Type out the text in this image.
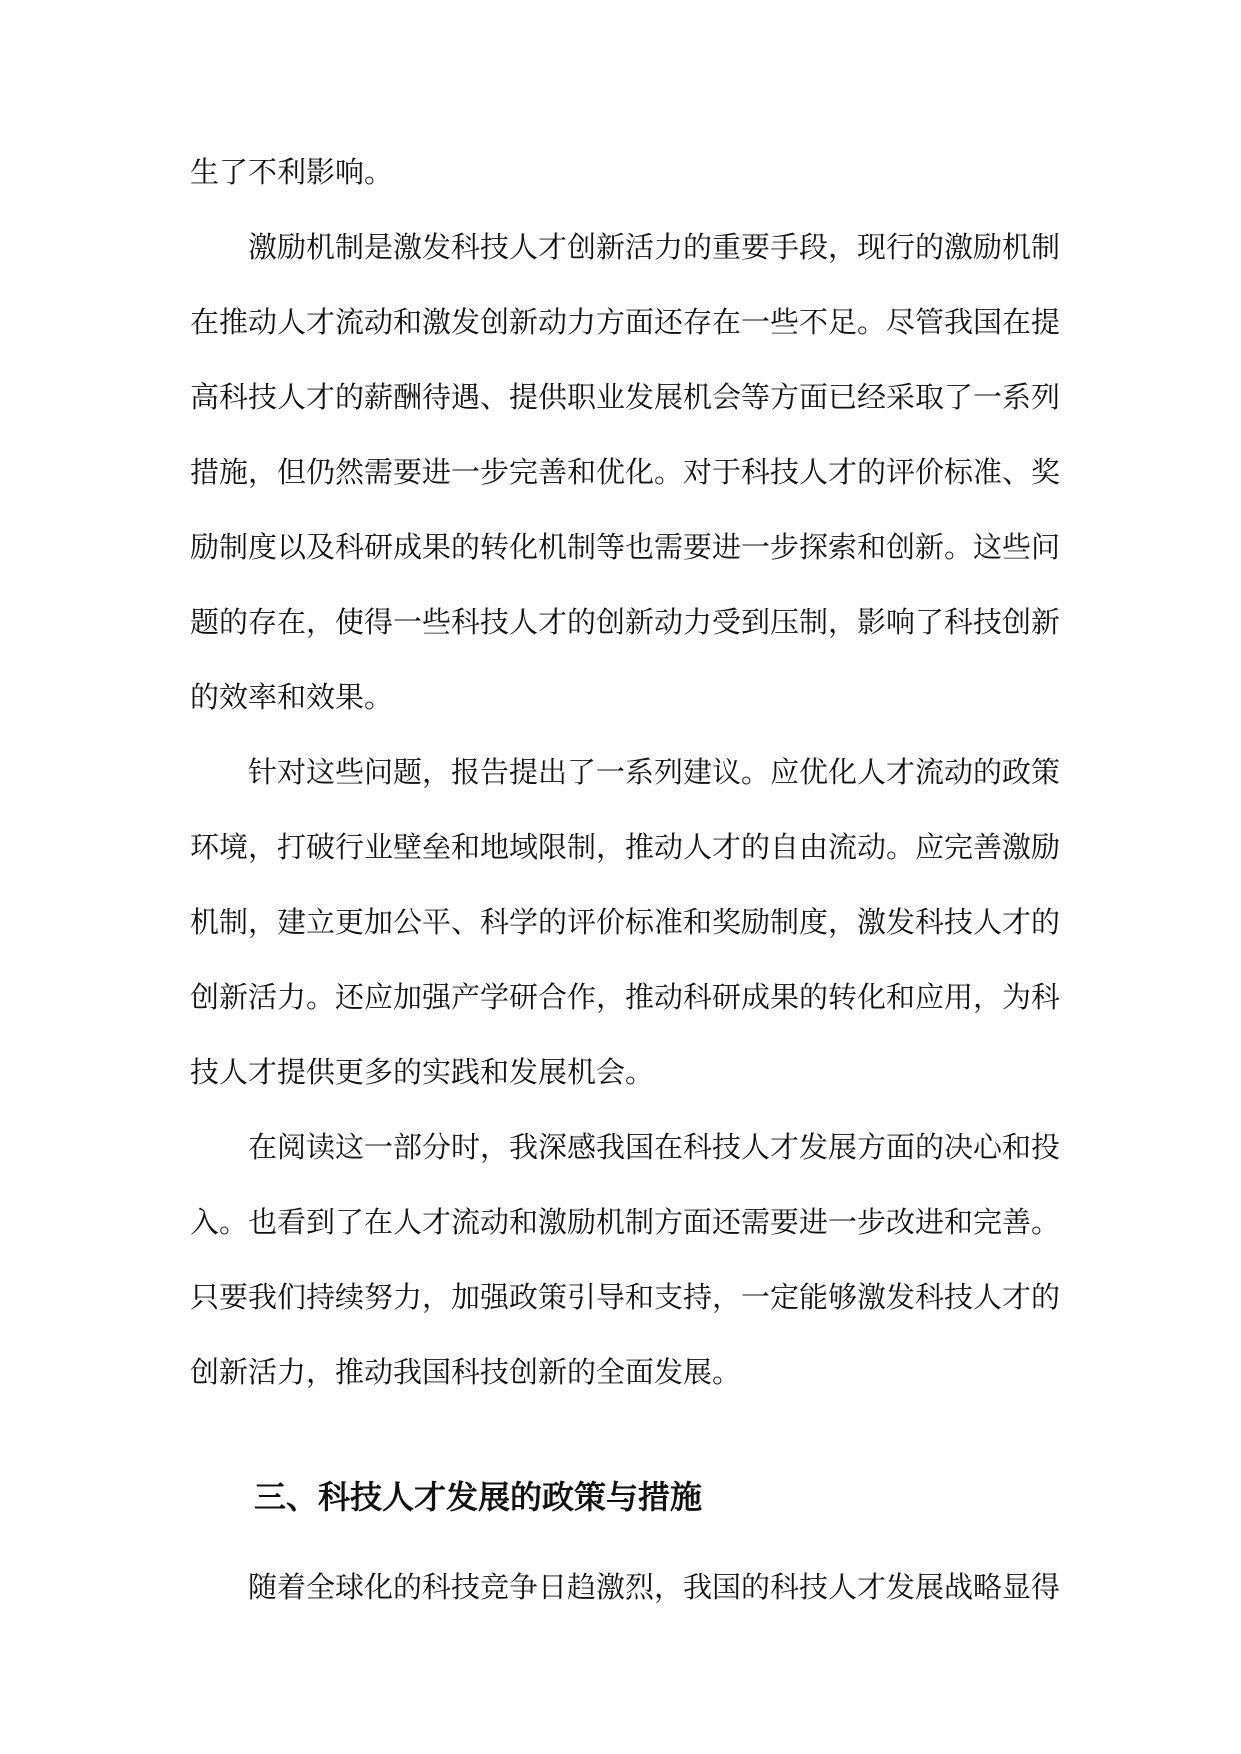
生了不利影响。
激励机制是激发科技人才创新活力的重要手段，现行的激励机制
在推动人才流动和激发创新动力方面还存在一些不足。尽管我国在提
高科技人才的薪酬待遇、提供职业发展机会等方面已经采取了一系列
措施，但仍然需要进一步完善和优化。对于科技人才的评价标准、奖
励制度以及科研成果的转化机制等也需要进一步探索和创新。这些问
题的存在，使得一些科技人才的创新动力受到压制，影响了科技创新
的效率和效果。
针对这些问题，报告提出了一系列建议。应优化人才流动的政策
环境，打破行业壁垒和地域限制，推动人才的自由流动。应完善激励
机制，建立更加公平、科学的评价标准和奖励制度，激发科技人才的
创新活力。还应加强产学研合作，推动科研成果的转化和应用，为科
技人才提供更多的实践和发展机会。
在阅读这一部分时，我深感我国在科技人才发展方面的决心和投
入。也看到了在人才流动和激励机制方面还需要进一步改进和完善。
只要我们持续努力，加强政策引导和支持，一定能够激发科技人才的
创新活力，推动我国科技创新的全面发展。
三、科技人才发展的政策与措施
随着全球化的科技竞争日趋激烈，我国的科技人才发展战略显得
